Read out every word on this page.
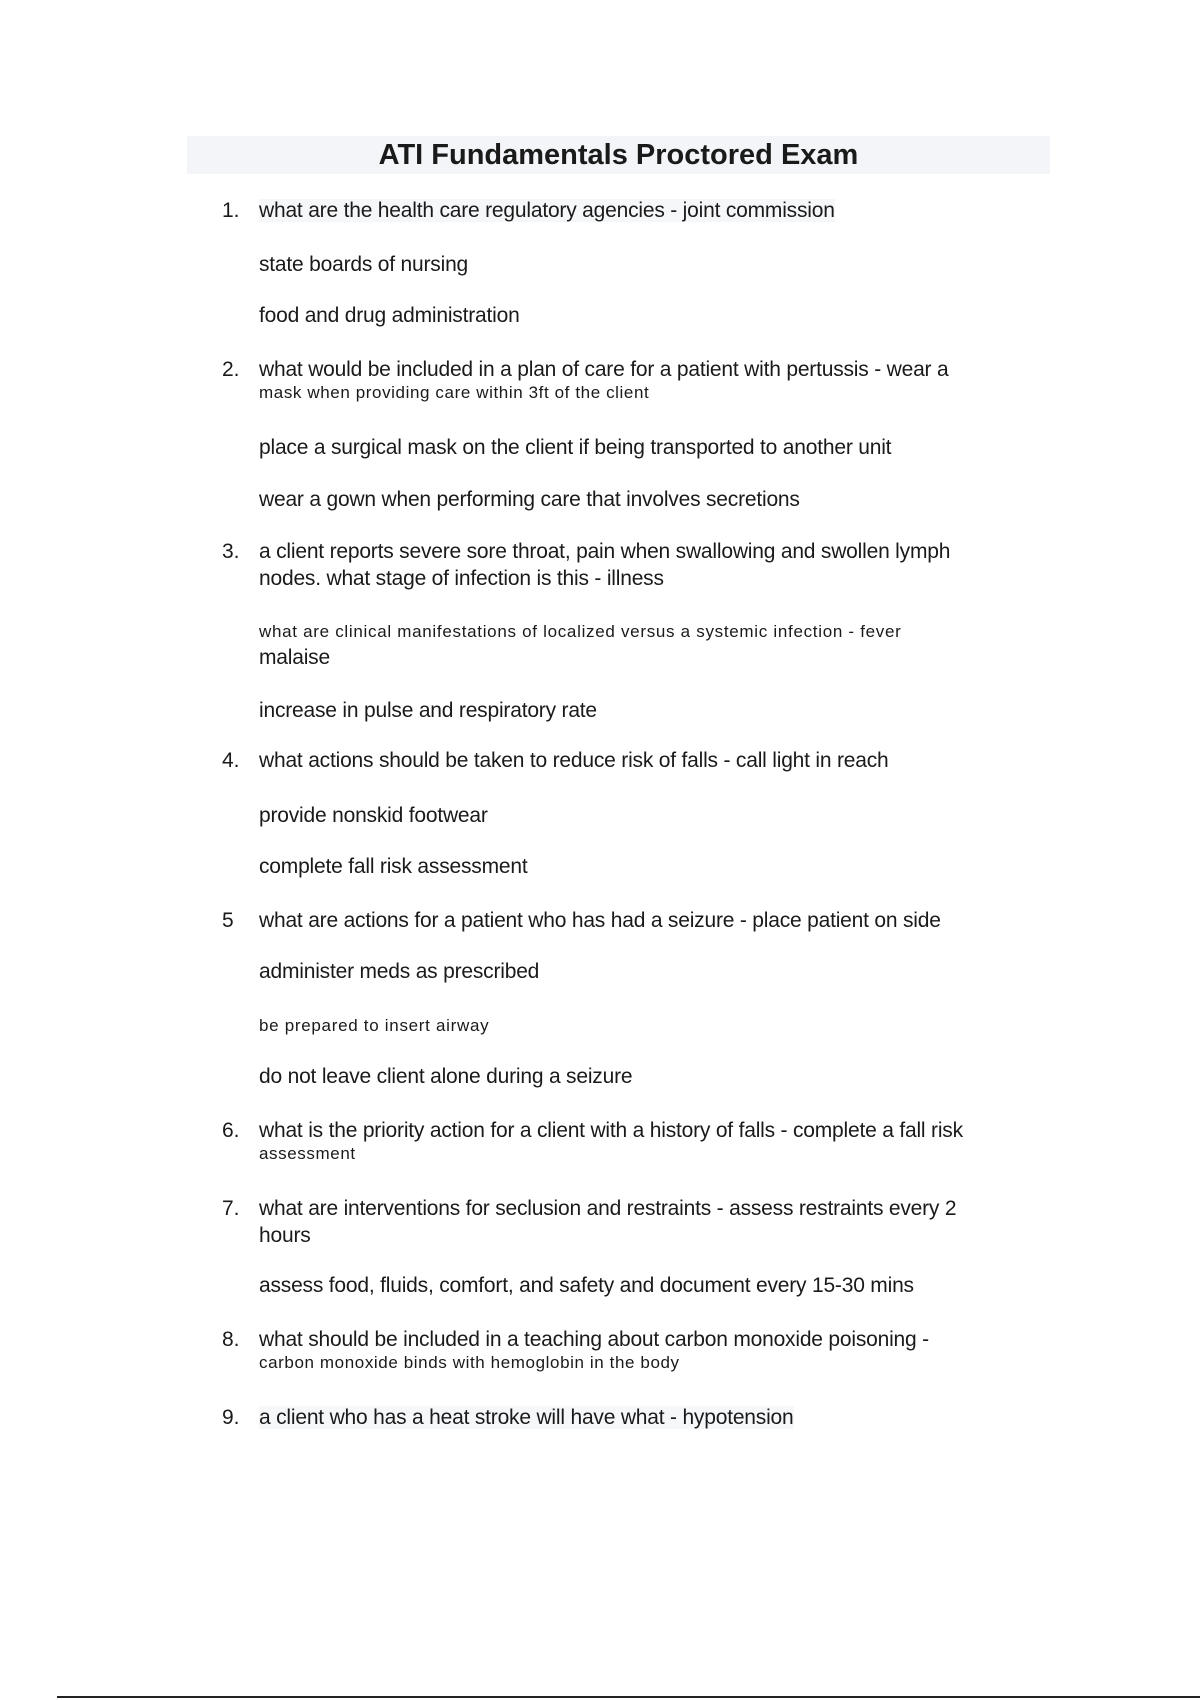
ATI Fundamentals Proctored Exam
1. what are the health care regulatory agencies - joint commission
state boards of nursing
food and drug administration
2. what would be included in a plan of care for a patient with pertussis - wear a
mask when providing care within 3ft of the client
place a surgical mask on the client if being transported to another unit
wear a gown when performing care that involves secretions
3. a client reports severe sore throat, pain when swallowing and swollen lymph
nodes. what stage of infection is this - illness
what are clinical manifestations of localized versus a systemic infection - fever
malaise
increase in pulse and respiratory rate
4. what actions should be taken to reduce risk of falls - call light in reach
provide nonskid footwear
complete fall risk assessment
5	what are actions for a patient who has had a seizure - place patient on side
administer meds as prescribed
be prepared to insert airway
do not leave client alone during a seizure
6. what is the priority action for a client with a history of falls - complete a fall risk
assessment
7. what are interventions for seclusion and restraints - assess restraints every 2
hours
assess food, fluids, comfort, and safety and document every 15-30 mins
8. what should be included in a teaching about carbon monoxide poisoning -
carbon monoxide binds with hemoglobin in the body
9. a client who has a heat stroke will have what - hypotension
